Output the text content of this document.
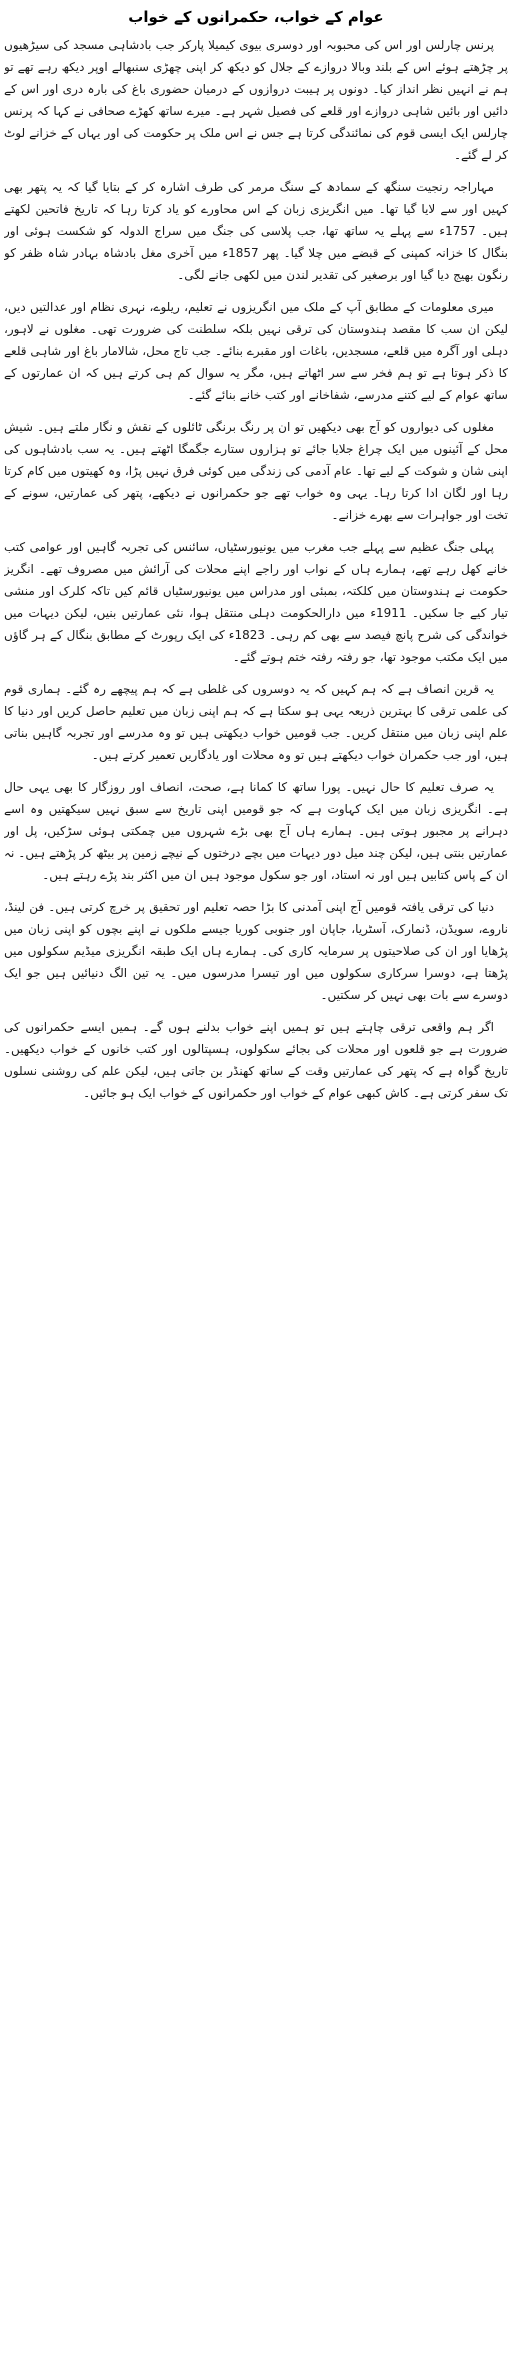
عوام کے خواب، حکمرانوں کے خواب

پرنس چارلس اور اس کی محبوبہ اور دوسری بیوی کیمیلا پارکر جب بادشاہی مسجد کی سیڑھیوں پر چڑھتے ہوئے اس کے بلند وبالا دروازے کے جلال کو دیکھ کر اپنی چھڑی سنبھالے اوپر دیکھ رہے تھے تو ہم نے انہیں نظر انداز کیا۔ دونوں پر ہیبت دروازوں کے درمیان حضوری باغ کی بارہ دری اور اس کے دائیں اور بائیں شاہی دروازے اور قلعے کی فصیل شہر ہے۔ میرے ساتھ کھڑے صحافی نے کہا کہ پرنس چارلس ایک ایسی قوم کی نمائندگی کرتا ہے جس نے اس ملک پر حکومت کی اور یہاں کے خزانے لوٹ کر لے گئے۔

مہاراجہ رنجیت سنگھ کے سمادھ کے سنگ مرمر کی طرف اشارہ کر کے بتایا گیا کہ یہ پتھر بھی کہیں اور سے لایا گیا تھا۔ میں انگریزی زبان کے اس محاورے کو یاد کرتا رہا کہ تاریخ فاتحین لکھتے ہیں۔ 1757ء سے پہلے یہ ساتھ تھا، جب پلاسی کی جنگ میں سراج الدولہ کو شکست ہوئی اور بنگال کا خزانہ کمپنی کے قبضے میں چلا گیا۔ پھر 1857ء میں آخری مغل بادشاہ بہادر شاہ ظفر کو رنگون بھیج دیا گیا اور برصغیر کی تقدیر لندن میں لکھی جانے لگی۔

میری معلومات کے مطابق آپ کے ملک میں انگریزوں نے تعلیم، ریلوے، نہری نظام اور عدالتیں دیں، لیکن ان سب کا مقصد ہندوستان کی ترقی نہیں بلکہ سلطنت کی ضرورت تھی۔ مغلوں نے لاہور، دہلی اور آگرہ میں قلعے، مسجدیں، باغات اور مقبرے بنائے۔ جب تاج محل، شالامار باغ اور شاہی قلعے کا ذکر ہوتا ہے تو ہم فخر سے سر اٹھاتے ہیں، مگر یہ سوال کم ہی کرتے ہیں کہ ان عمارتوں کے ساتھ عوام کے لیے کتنے مدرسے، شفاخانے اور کتب خانے بنائے گئے۔

مغلوں کی دیواروں کو آج بھی دیکھیں تو ان پر رنگ برنگی ٹائلوں کے نقش و نگار ملتے ہیں۔ شیش محل کے آئینوں میں ایک چراغ جلایا جائے تو ہزاروں ستارے جگمگا اٹھتے ہیں۔ یہ سب بادشاہوں کی اپنی شان و شوکت کے لیے تھا۔ عام آدمی کی زندگی میں کوئی فرق نہیں پڑا، وہ کھیتوں میں کام کرتا رہا اور لگان ادا کرتا رہا۔ یہی وہ خواب تھے جو حکمرانوں نے دیکھے، پتھر کی عمارتیں، سونے کے تخت اور جواہرات سے بھرے خزانے۔

پہلی جنگ عظیم سے پہلے جب مغرب میں یونیورسٹیاں، سائنس کی تجربہ گاہیں اور عوامی کتب خانے کھل رہے تھے، ہمارے ہاں کے نواب اور راجے اپنے محلات کی آرائش میں مصروف تھے۔ انگریز حکومت نے ہندوستان میں کلکتہ، بمبئی اور مدراس میں یونیورسٹیاں قائم کیں تاکہ کلرک اور منشی تیار کیے جا سکیں۔ 1911ء میں دارالحکومت دہلی منتقل ہوا، نئی عمارتیں بنیں، لیکن دیہات میں خواندگی کی شرح پانچ فیصد سے بھی کم رہی۔ 1823ء کی ایک رپورٹ کے مطابق بنگال کے ہر گاؤں میں ایک مکتب موجود تھا، جو رفتہ رفتہ ختم ہوتے گئے۔

یہ قرین انصاف ہے کہ ہم کہیں کہ یہ دوسروں کی غلطی ہے کہ ہم پیچھے رہ گئے۔ ہماری قوم کی علمی ترقی کا بہترین ذریعہ یہی ہو سکتا ہے کہ ہم اپنی زبان میں تعلیم حاصل کریں اور دنیا کا علم اپنی زبان میں منتقل کریں۔ جب قومیں خواب دیکھتی ہیں تو وہ مدرسے اور تجربہ گاہیں بناتی ہیں، اور جب حکمران خواب دیکھتے ہیں تو وہ محلات اور یادگاریں تعمیر کرتے ہیں۔

یہ صرف تعلیم کا حال نہیں۔ پورا ساتھ کا کمانا ہے، صحت، انصاف اور روزگار کا بھی یہی حال ہے۔ انگریزی زبان میں ایک کہاوت ہے کہ جو قومیں اپنی تاریخ سے سبق نہیں سیکھتیں وہ اسے دہرانے پر مجبور ہوتی ہیں۔ ہمارے ہاں آج بھی بڑے شہروں میں چمکتی ہوئی سڑکیں، پل اور عمارتیں بنتی ہیں، لیکن چند میل دور دیہات میں بچے درختوں کے نیچے زمین پر بیٹھ کر پڑھتے ہیں۔ نہ ان کے پاس کتابیں ہیں اور نہ استاد، اور جو سکول موجود ہیں ان میں اکثر بند پڑے رہتے ہیں۔

دنیا کی ترقی یافتہ قومیں آج اپنی آمدنی کا بڑا حصہ تعلیم اور تحقیق پر خرچ کرتی ہیں۔ فن لینڈ، ناروے، سویڈن، ڈنمارک، آسٹریا، جاپان اور جنوبی کوریا جیسے ملکوں نے اپنے بچوں کو اپنی زبان میں پڑھایا اور ان کی صلاحیتوں پر سرمایہ کاری کی۔ ہمارے ہاں ایک طبقہ انگریزی میڈیم سکولوں میں پڑھتا ہے، دوسرا سرکاری سکولوں میں اور تیسرا مدرسوں میں۔ یہ تین الگ دنیائیں ہیں جو ایک دوسرے سے بات بھی نہیں کر سکتیں۔

اگر ہم واقعی ترقی چاہتے ہیں تو ہمیں اپنے خواب بدلنے ہوں گے۔ ہمیں ایسے حکمرانوں کی ضرورت ہے جو قلعوں اور محلات کی بجائے سکولوں، ہسپتالوں اور کتب خانوں کے خواب دیکھیں۔ تاریخ گواہ ہے کہ پتھر کی عمارتیں وقت کے ساتھ کھنڈر بن جاتی ہیں، لیکن علم کی روشنی نسلوں تک سفر کرتی ہے۔ کاش کبھی عوام کے خواب اور حکمرانوں کے خواب ایک ہو جائیں۔
